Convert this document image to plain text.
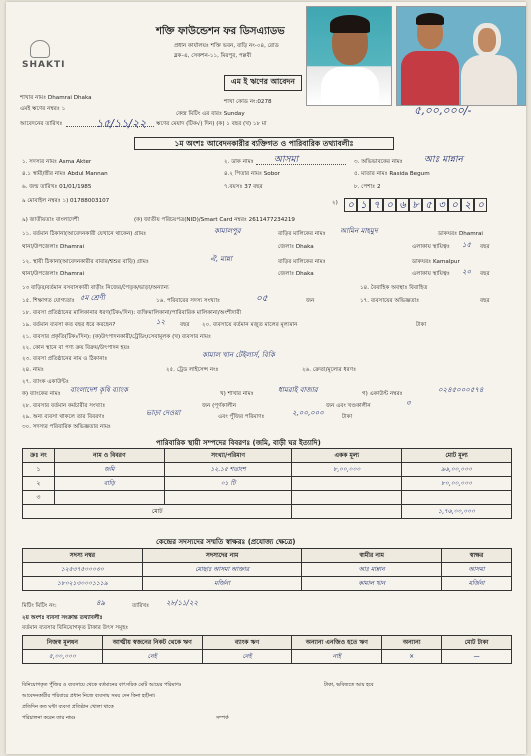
SHAKTI
শক্তি ফাউন্ডেশন ফর ডিসএ্যাডভ
প্রধান কার্যালয়ঃ শক্তি ভবন, বাড়ি নং-০৪, রোড
ব্লক-এ, সেকশন-১১, মিরপুর, পল্লবী
এম ই ঋণের আবেদন
শাখার নামঃ Dhamrai Dhaka
এমই ঋণের নম্বরঃ ১
শাখা কোড নং:0278
কেন্দ্র মিটিং এর বারঃ Sunday	৫,০০,০০০/-
আবেদনের তারিখঃ	১৫/১১/২২ ঋণের মেয়াদ (টিক√) দিন) (ক) ১ বছর (খ) ১৮ মা
১ম অংশঃ আবেদনকারীর ব্যক্তিগত ও পারিবারিক তথ্যাবলীঃ
১. সদস্যর নামঃ Asma Akter	২. ডাক নামঃ আসমা	৩. অভিভাবকের নামঃ আঃ মান্নান
৪.১ স্বামী/স্ত্রীর নামঃ Abdul Mannan	৪.২ পিতার নামঃ Sobor	৫. মাতার নামঃ Rasida Begum
৬. জন্ম তারিখঃ 01/01/1985	৭.বয়সঃ 37 বছর	৮. পেশাঃ 2
৯ মোবাইল নম্বরঃ ১) 01788003107	২) ০ ১ ৭ ০ ৬ ৮ ৫ ৩ ০ ২ ০
৯) জাতীয়তাঃ বাংলাদেশী	(ক) জাতীয় পরিচয়পত্র(NID)/Smart Card নম্বরঃ 2611477234219
১১. বর্তমান ঠিকানা(আবেদনকারী যেখানে থাকেন) গ্রামঃ	কামালপুর	বাড়ির মালিকের নামঃ আমিন মাহমুদ	ডাকঘরঃ Dhamrai
থানা/উপজেলাঃ Dhamrai	জেলাঃ Dhaka	এলাকায় স্থায়িত্বঃ ১৫ বছর
১২. স্থায়ী ঠিকানা(আবেদনকারীর বাবার/শ্বশুর বাড়ি) গ্রামঃ	ঐ, মান্না	বাড়ির মালিকের নামঃ	ডাকঘরঃ Kamalpur
থানা/উপজেলাঃ Dhamrai	জেলাঃ Dhaka	এলাকায় স্থায়িত্বঃ ২০ বছর
১৩ বাড়ির/বর্তমান বসবাসকারী বাড়ীঃ নিজের/পৈতৃক/ভাড়া/অন্যান্য	১৪. বৈবাহিক অবস্থাঃ বিবাহিত
১৫. শিক্ষাগত যোগ্যতাঃ ৫ম শ্রেণী	১৬. পরিবারের সদস্য সংখ্যাঃ	০৫	জন	১৭. ব্যবসায়ের অভিজ্ঞতাঃ	বছর
১৮. ব্যবসা প্রতিষ্ঠানের মালিকানার ধরণ(টিক√দিন): ব্যক্তিমালিকানা/পারিবারিক মালিকানা/অংশীদারী
১৯. বর্তমান ব্যবসা কত বছর ধরে করছেন?	১২	বছর ২০. ব্যবসায়ে বর্তমান মজুত মালের মূল্যমান	টাকা
২১. ব্যবসার প্রকৃতি(টিক√দিন): (ক)উৎপাদনকারী/ট্রেডিং/সেবামূলক (খ) ব্যবসার নামঃ
২২. কোন স্থানে বা পণ্য ক্রয় বিক্রয়/উৎপাদন হয়ঃ
২৩. ব্যবসা প্রতিষ্ঠানের নাম ও ঠিকানাঃ	কামাল খান টেইলার্স, বিকি
২৪. নামঃ	২৫. ট্রেড লাইসেন্স নংঃ	২৬. ক্রেতা/মূল্যের ধরণঃ
২৭. ব্যাংক একাউন্টঃ
ক) ব্যাংকের নামঃ বাংলাদেশ কৃষি ব্যাংক	খ) শাখার নামঃ	ধামরাই বাজার	গ) একাউন্ট নম্বরঃ	০২৪৫০০০৫৭৪
২৮. ব্যবসার বর্তমান কর্মচারীর সংখ্যাঃ	জন (পূর্ণকালীন	জন এবং খণ্ডকালীন	৩
২৯. অন্য ব্যবসা থাকলে তার বিবরণঃ	ভাড়া দেওয়া	এবং পুঁজির পরিমাণঃ	২,০০,০০০	টাকা
৩০. সদস্যর পরিবারিক অভিজ্ঞতার নামঃ
পারিবারিক স্থায়ী সম্পদের বিবরণঃ (জমি, বাড়ী ঘর ইত্যাদি)
ক্রঃ নং	নাম ও বিবরণ	সংখ্যা/পরিমাণ	একক মূল্য	মোট মূল্য
১	জমি	১২.১৫ শতাংশ	৮,০০,০০০	৯৬,০০,০০০
২	বাড়ি	০১ টি		৮০,০০,০০০
৩				
মোট				১,৭৬,০০,০০০
কেন্দ্রের সদস্যদের সম্মতি স্বাক্ষরঃ (প্রযোজ্য ক্ষেত্রে)
সদস্য নম্বর	সদস্যদের নাম	স্বামীর নাম	স্বাক্ষর
১২৫৩৭৫০০০৩০	মোছাঃ আসমা আক্তার	আঃ মান্নান	আসমা
১৮০২১৩০০০১১১৯	মর্জিনা	কামাল খান	মর্জিনা
মিটিং মিটিং নং:	৪৯	তারিখঃ ২৮/১১/২২
২য় অংশঃ ব্যবসা সংক্রান্ত তথ্যাবলীঃ
বর্তমান ব্যবসার বিনিয়োগকৃত টাকার উৎস সমূহঃ
নিজস্ব মূলধন	আত্মীয় স্বজনের নিকট থেকে ঋণ	ব্যাংক ঋণ	অন্যান্য এনজিও হতে ঋণ	অন্যান্য	মোট টাকা
৫,০০,০০০	নেই	নেই	নাই	×	—
বিনিয়োগকৃত পুঁজির ও ব্যবসায়ে থেকে বর্তমানের বাৎসরিক মোট আয়ের পরিমাণঃ	টাকা, ভবিষ্যতে আয় হবে
আবেদনকারীর পরিবারে প্রধান নিজে ব্যবসায় সময় দেন কিনা হ্যাঁ/না।
প্রতিদিন কত ঘন্টা ব্যবসা প্রতিষ্ঠান খোলা থাকে
পরিচালনা করেন তার নামঃ	সম্পর্ক
